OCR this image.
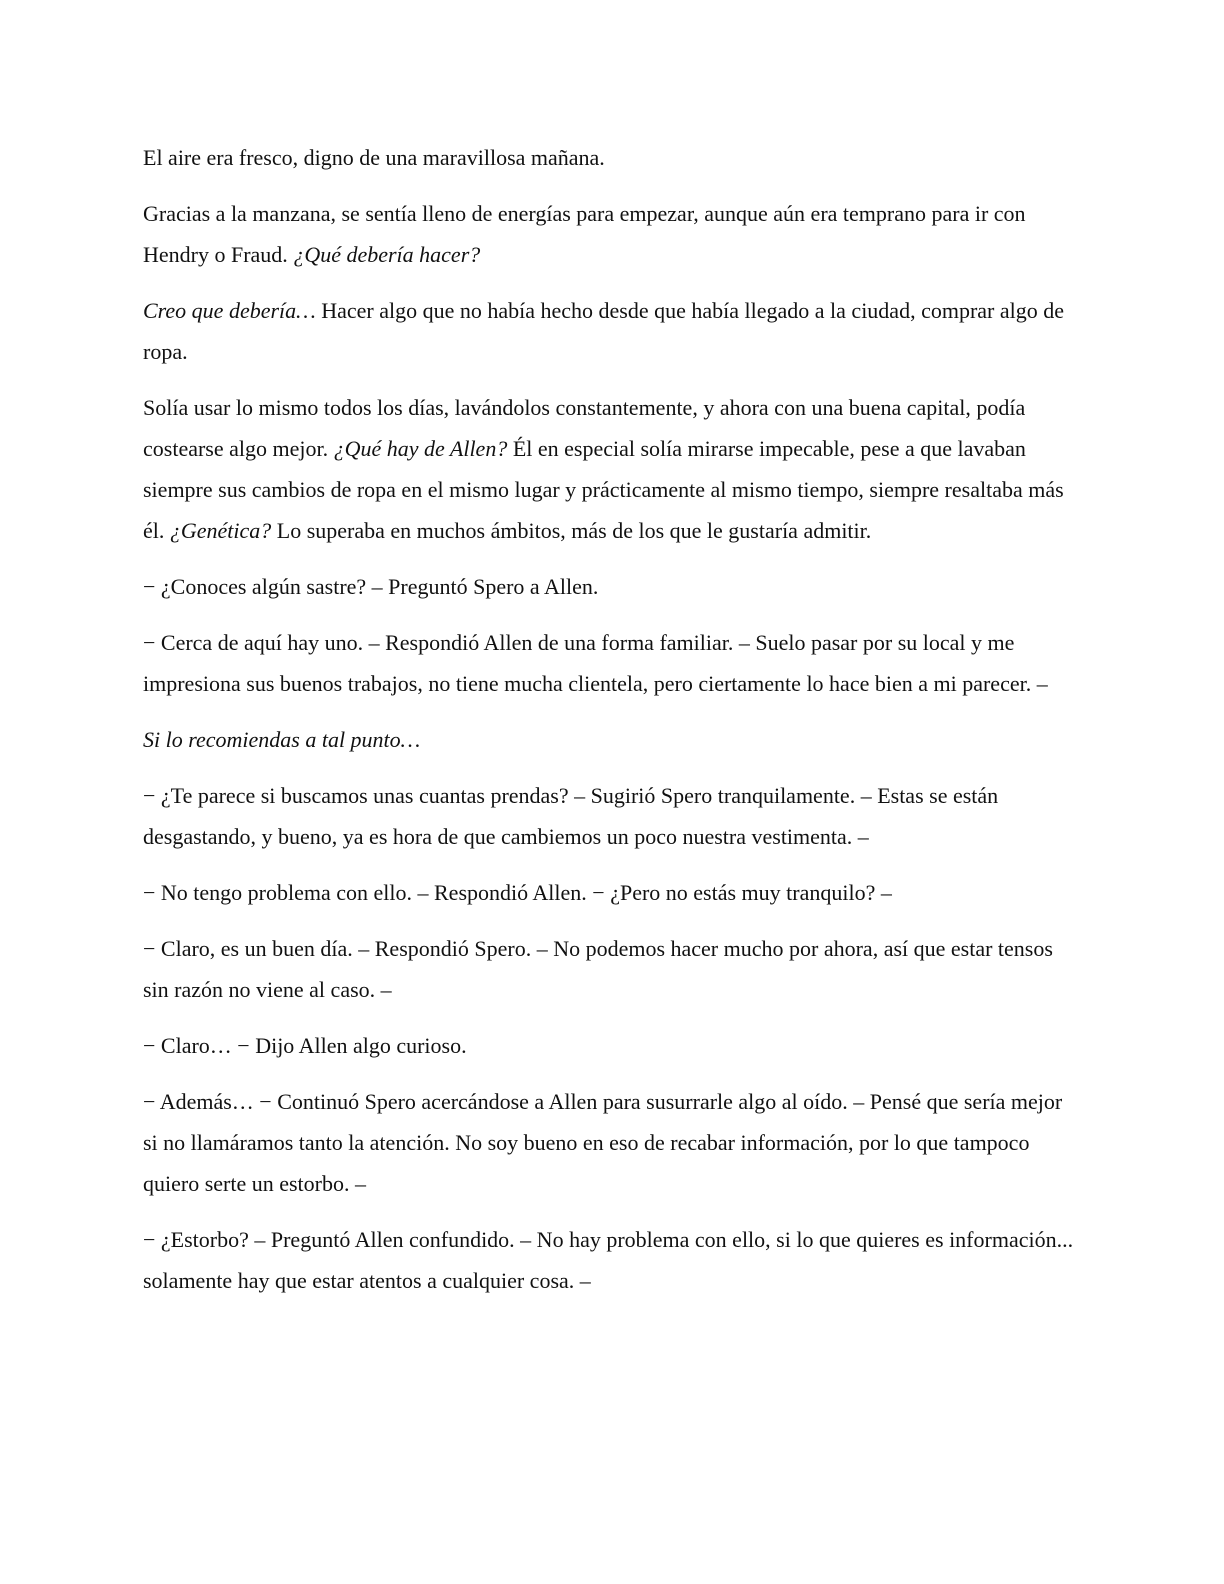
El aire era fresco, digno de una maravillosa mañana.

Gracias a la manzana, se sentía lleno de energías para empezar, aunque aún era temprano para ir con Hendry o Fraud. ¿Qué debería hacer?

Creo que debería… Hacer algo que no había hecho desde que había llegado a la ciudad, comprar algo de ropa.

Solía usar lo mismo todos los días, lavándolos constantemente, y ahora con una buena capital, podía costearse algo mejor. ¿Qué hay de Allen? Él en especial solía mirarse impecable, pese a que lavaban siempre sus cambios de ropa en el mismo lugar y prácticamente al mismo tiempo, siempre resaltaba más él. ¿Genética? Lo superaba en muchos ámbitos, más de los que le gustaría admitir.

− ¿Conoces algún sastre? – Preguntó Spero a Allen.

− Cerca de aquí hay uno. – Respondió Allen de una forma familiar. – Suelo pasar por su local y me impresiona sus buenos trabajos, no tiene mucha clientela, pero ciertamente lo hace bien a mi parecer. –

Si lo recomiendas a tal punto…

− ¿Te parece si buscamos unas cuantas prendas? – Sugirió Spero tranquilamente. – Estas se están desgastando, y bueno, ya es hora de que cambiemos un poco nuestra vestimenta. –

− No tengo problema con ello. – Respondió Allen. − ¿Pero no estás muy tranquilo? –

− Claro, es un buen día. – Respondió Spero. – No podemos hacer mucho por ahora, así que estar tensos sin razón no viene al caso. –

− Claro… − Dijo Allen algo curioso.

− Además… − Continuó Spero acercándose a Allen para susurrarle algo al oído. – Pensé que sería mejor si no llamáramos tanto la atención. No soy bueno en eso de recabar información, por lo que tampoco quiero serte un estorbo. –

− ¿Estorbo? – Preguntó Allen confundido. – No hay problema con ello, si lo que quieres es información... solamente hay que estar atentos a cualquier cosa. –
